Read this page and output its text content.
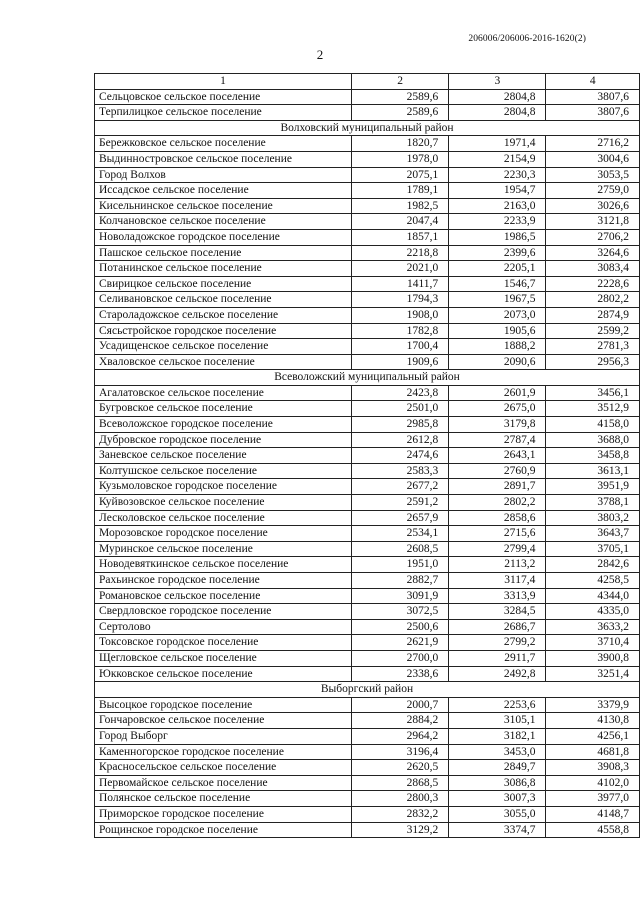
206006/206006-2016-1620(2)
2
1	2	3	4
Сельцовское сельское поселение	2589,6	2804,8	3807,6
Терпилицкое сельское поселение	2589,6	2804,8	3807,6
Волховский муниципальный район			
Бережковское сельское поселение	1820,7	1971,4	2716,2
Выдинностровское сельское поселение	1978,0	2154,9	3004,6
Город Волхов	2075,1	2230,3	3053,5
Иссадское сельское поселение	1789,1	1954,7	2759,0
Кисельнинское сельское поселение	1982,5	2163,0	3026,6
Колчановское сельское поселение	2047,4	2233,9	3121,8
Новоладожское городское поселение	1857,1	1986,5	2706,2
Пашское сельское поселение	2218,8	2399,6	3264,6
Потанинское сельское поселение	2021,0	2205,1	3083,4
Свирицкое сельское поселение	1411,7	1546,7	2228,6
Селивановское сельское поселение	1794,3	1967,5	2802,2
Староладожское сельское поселение	1908,0	2073,0	2874,9
Сясьстройское городское поселение	1782,8	1905,6	2599,2
Усадищенское сельское поселение	1700,4	1888,2	2781,3
Хваловское сельское поселение	1909,6	2090,6	2956,3
Всеволожский муниципальный район			
Агалатовское сельское поселение	2423,8	2601,9	3456,1
Бугровское сельское поселение	2501,0	2675,0	3512,9
Всеволожское городское поселение	2985,8	3179,8	4158,0
Дубровское городское поселение	2612,8	2787,4	3688,0
Заневское сельское поселение	2474,6	2643,1	3458,8
Колтушское сельское поселение	2583,3	2760,9	3613,1
Кузьмоловское городское поселение	2677,2	2891,7	3951,9
Куйвозовское сельское поселение	2591,2	2802,2	3788,1
Лесколовское сельское поселение	2657,9	2858,6	3803,2
Морозовское городское поселение	2534,1	2715,6	3643,7
Муринское сельское поселение	2608,5	2799,4	3705,1
Новодевяткинское сельское поселение	1951,0	2113,2	2842,6
Рахьинское городское поселение	2882,7	3117,4	4258,5
Романовское сельское поселение	3091,9	3313,9	4344,0
Свердловское городское поселение	3072,5	3284,5	4335,0
Сертолово	2500,6	2686,7	3633,2
Токсовское городское поселение	2621,9	2799,2	3710,4
Щегловское сельское поселение	2700,0	2911,7	3900,8
Юкковское сельское поселение	2338,6	2492,8	3251,4
Выборгский район			
Высоцкое городское поселение	2000,7	2253,6	3379,9
Гончаровское сельское поселение	2884,2	3105,1	4130,8
Город Выборг	2964,2	3182,1	4256,1
Каменногорское городское поселение	3196,4	3453,0	4681,8
Красносельское сельское поселение	2620,5	2849,7	3908,3
Первомайское сельское поселение	2868,5	3086,8	4102,0
Полянское сельское поселение	2800,3	3007,3	3977,0
Приморское городское поселение	2832,2	3055,0	4148,7
Рощинское городское поселение	3129,2	3374,7	4558,8
